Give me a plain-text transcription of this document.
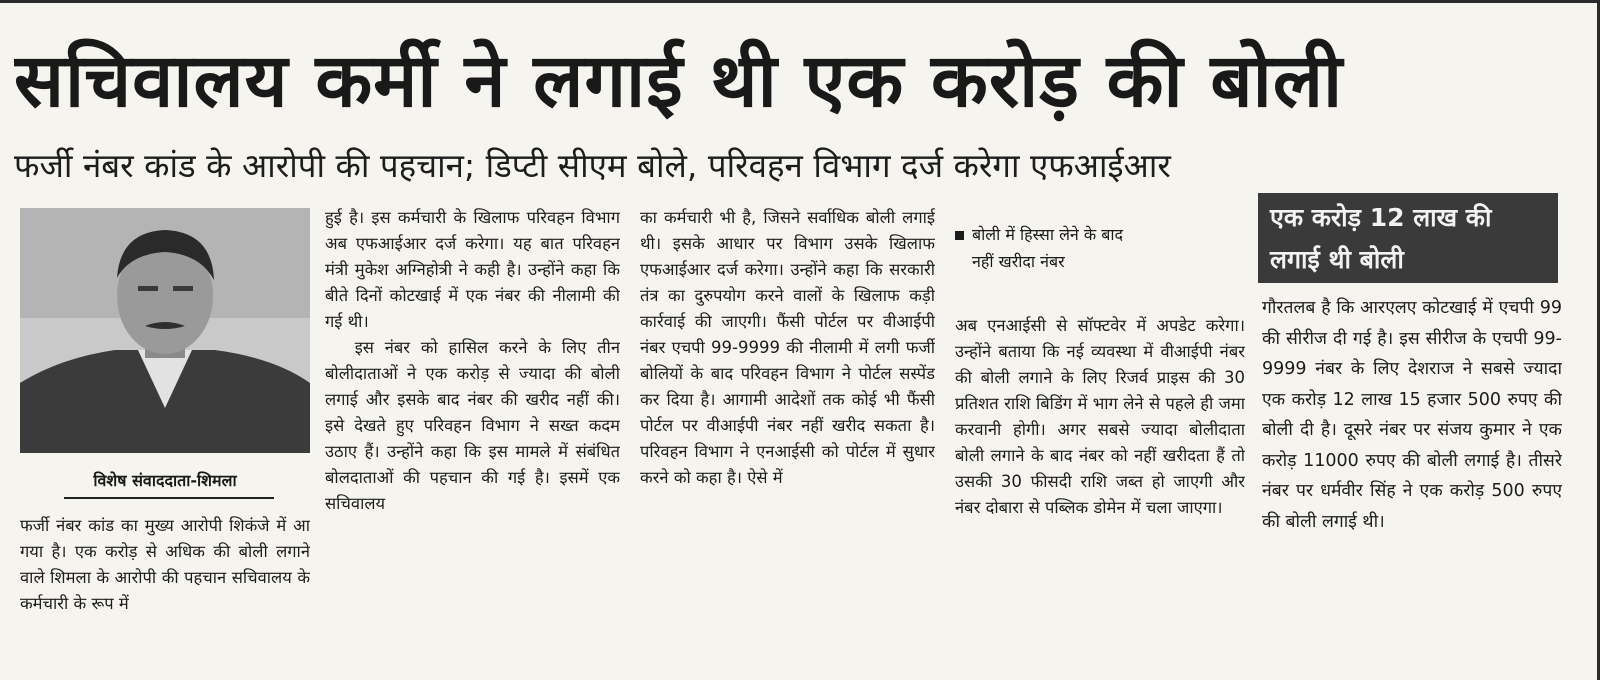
सचिवालय कर्मी ने लगाई थी एक करोड़ की बोली
फर्जी नंबर कांड के आरोपी की पहचान; डिप्टी सीएम बोले, परिवहन विभाग दर्ज करेगा एफआईआर
विशेष संवाददाता-शिमला

फर्जी नंबर कांड का मुख्य आरोपी शिकंजे में आ गया है। एक करोड़ से अधिक की बोली लगाने वाले शिमला के आरोपी की पहचान सचिवालय के कर्मचारी के रूप में

हुई है। इस कर्मचारी के खिलाफ परिवहन विभाग अब एफआईआर दर्ज करेगा। यह बात परिवहन मंत्री मुकेश अग्निहोत्री ने कही है। उन्होंने कहा कि बीते दिनों कोटखाई में एक नंबर की नीलामी की गई थी।

इस नंबर को हासिल करने के लिए तीन बोलीदाताओं ने एक करोड़ से ज्यादा की बोली लगाई और इसके बाद नंबर की खरीद नहीं की। इसे देखते हुए परिवहन विभाग ने सख्त कदम उठाए हैं। उन्होंने कहा कि इस मामले में संबंधित बोलदाताओं की पहचान की गई है। इसमें एक सचिवालय

का कर्मचारी भी है, जिसने सर्वाधिक बोली लगाई थी। इसके आधार पर विभाग उसके खिलाफ एफआईआर दर्ज करेगा। उन्होंने कहा कि सरकारी तंत्र का दुरुपयोग करने वालों के खिलाफ कड़ी कार्रवाई की जाएगी। फैंसी पोर्टल पर वीआईपी नंबर एचपी 99-9999 की नीलामी में लगी फर्जी बोलियों के बाद परिवहन विभाग ने पोर्टल सस्पेंड कर दिया है। आगामी आदेशों तक कोई भी फैंसी पोर्टल पर वीआईपी नंबर नहीं खरीद सकता है। परिवहन विभाग ने एनआईसी को पोर्टल में सुधार करने को कहा है। ऐसे में

बोली में हिस्सा लेने के बाद
नहीं खरीदा नंबर

अब एनआईसी से सॉफ्टवेर में अपडेट करेगा। उन्होंने बताया कि नई व्यवस्था में वीआईपी नंबर की बोली लगाने के लिए रिजर्व प्राइस की 30 प्रतिशत राशि बिडिंग में भाग लेने से पहले ही जमा करवानी होगी। अगर सबसे ज्यादा बोलीदाता बोली लगाने के बाद नंबर को नहीं खरीदता हैं तो उसकी 30 फीसदी राशि जब्त हो जाएगी और नंबर दोबारा से पब्लिक डोमेन में चला जाएगा।

एक करोड़ 12 लाख की
लगाई थी बोली

गौरतलब है कि आरएलए कोटखाई में एचपी 99 की सीरीज दी गई है। इस सीरीज के एचपी 99-9999 नंबर के लिए देशराज ने सबसे ज्यादा एक करोड़ 12 लाख 15 हजार 500 रुपए की बोली दी है। दूसरे नंबर पर संजय कुमार ने एक करोड़ 11000 रुपए की बोली लगाई है। तीसरे नंबर पर धर्मवीर सिंह ने एक करोड़ 500 रुपए की बोली लगाई थी।
